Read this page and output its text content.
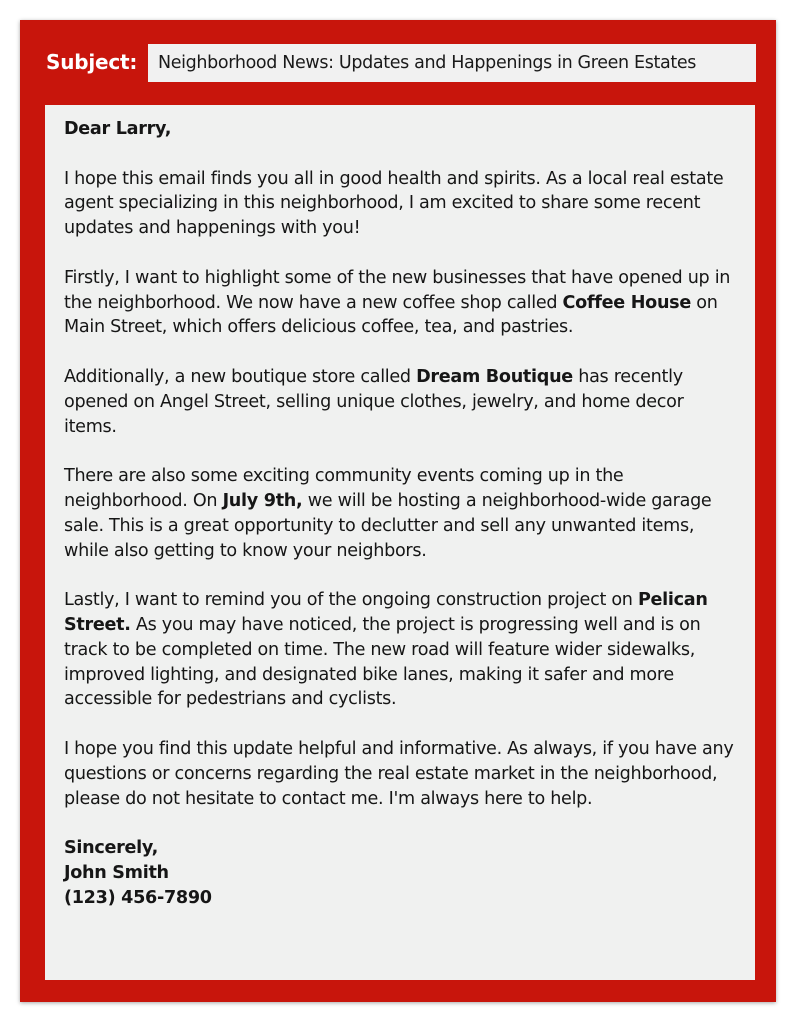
Subject: Neighborhood News: Updates and Happenings in Green Estates

Dear Larry,

I hope this email finds you all in good health and spirits. As a local real estate agent specializing in this neighborhood, I am excited to share some recent updates and happenings with you!

Firstly, I want to highlight some of the new businesses that have opened up in the neighborhood. We now have a new coffee shop called Coffee House on Main Street, which offers delicious coffee, tea, and pastries.

Additionally, a new boutique store called Dream Boutique has recently opened on Angel Street, selling unique clothes, jewelry, and home decor items.

There are also some exciting community events coming up in the neighborhood. On July 9th, we will be hosting a neighborhood-wide garage sale. This is a great opportunity to declutter and sell any unwanted items, while also getting to know your neighbors.

Lastly, I want to remind you of the ongoing construction project on Pelican Street. As you may have noticed, the project is progressing well and is on track to be completed on time. The new road will feature wider sidewalks, improved lighting, and designated bike lanes, making it safer and more accessible for pedestrians and cyclists.

I hope you find this update helpful and informative. As always, if you have any questions or concerns regarding the real estate market in the neighborhood, please do not hesitate to contact me. I'm always here to help.

Sincerely,
John Smith
(123) 456-7890
